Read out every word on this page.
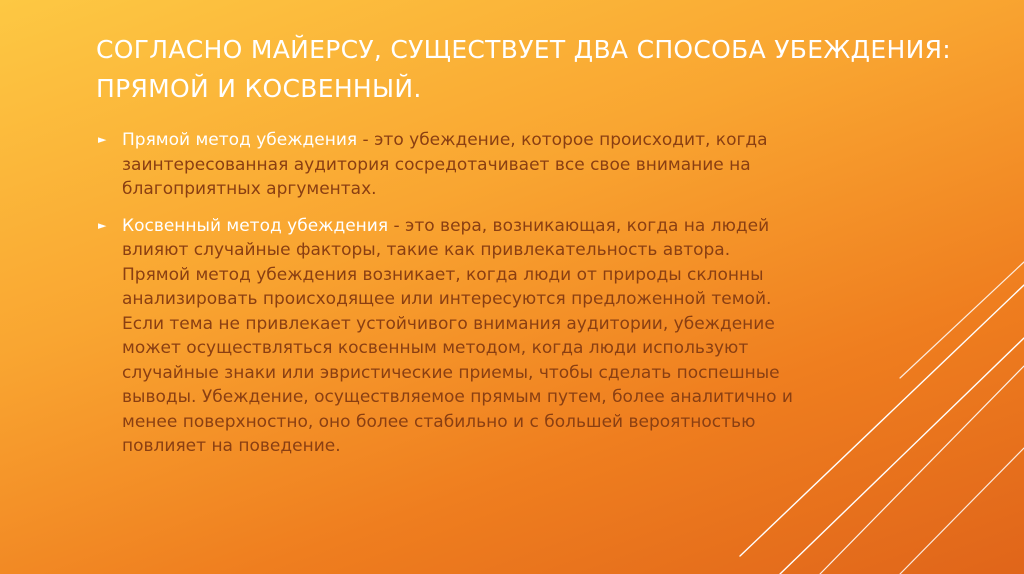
СОГЛАСНО МАЙЕРСУ, СУЩЕСТВУЕТ ДВА СПОСОБА УБЕЖДЕНИЯ:
ПРЯМОЙ И КОСВЕННЫЙ.
► Прямой метод убеждения - это убеждение, которое происходит, когда заинтересованная аудитория сосредотачивает все свое внимание на благоприятных аргументах.
► Косвенный метод убеждения - это вера, возникающая, когда на людей влияют случайные факторы, такие как привлекательность автора. Прямой метод убеждения возникает, когда люди от природы склонны анализировать происходящее или интересуются предложенной темой. Если тема не привлекает устойчивого внимания аудитории, убеждение может осуществляться косвенным методом, когда люди используют случайные знаки или эвристические приемы, чтобы сделать поспешные выводы. Убеждение, осуществляемое прямым путем, более аналитично и менее поверхностно, оно более стабильно и с большей вероятностью повлияет на поведение.
